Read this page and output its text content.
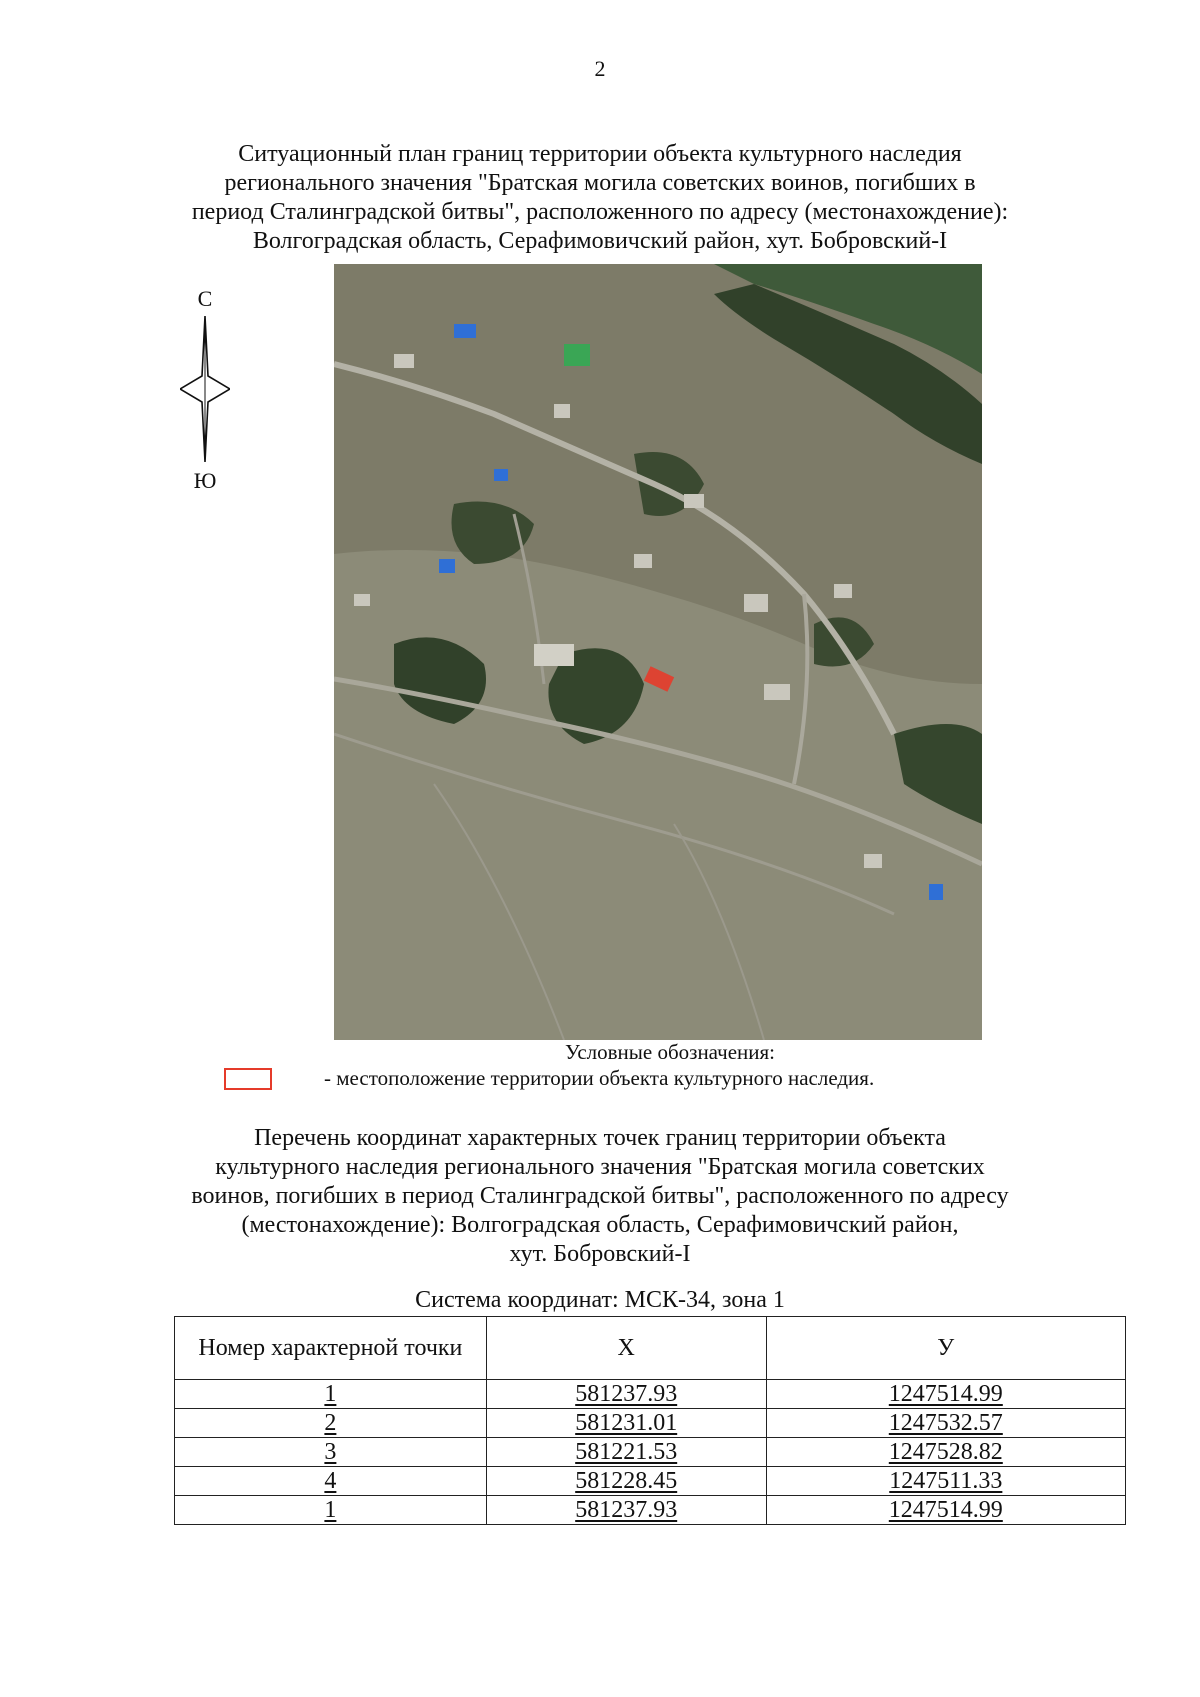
2
Ситуационный план границ территории объекта культурного наследия
регионального значения "Братская могила советских воинов, погибших в
период Сталинградской битвы", расположенного по адресу (местонахождение):
Волгоградская область, Серафимовичский район, хут. Бобровский-I
С
Ю
Условные обозначения:
- местоположение территории объекта культурного наследия.
Перечень координат характерных точек границ территории объекта
культурного наследия регионального значения "Братская могила советских
воинов, погибших в период Сталинградской битвы", расположенного по адресу
(местонахождение): Волгоградская область, Серафимовичский район,
хут. Бобровский-I
Система координат: МСК-34, зона 1
Номер характерной точки	Х	У
1	581237.93	1247514.99
2	581231.01	1247532.57
3	581221.53	1247528.82
4	581228.45	1247511.33
1	581237.93	1247514.99
